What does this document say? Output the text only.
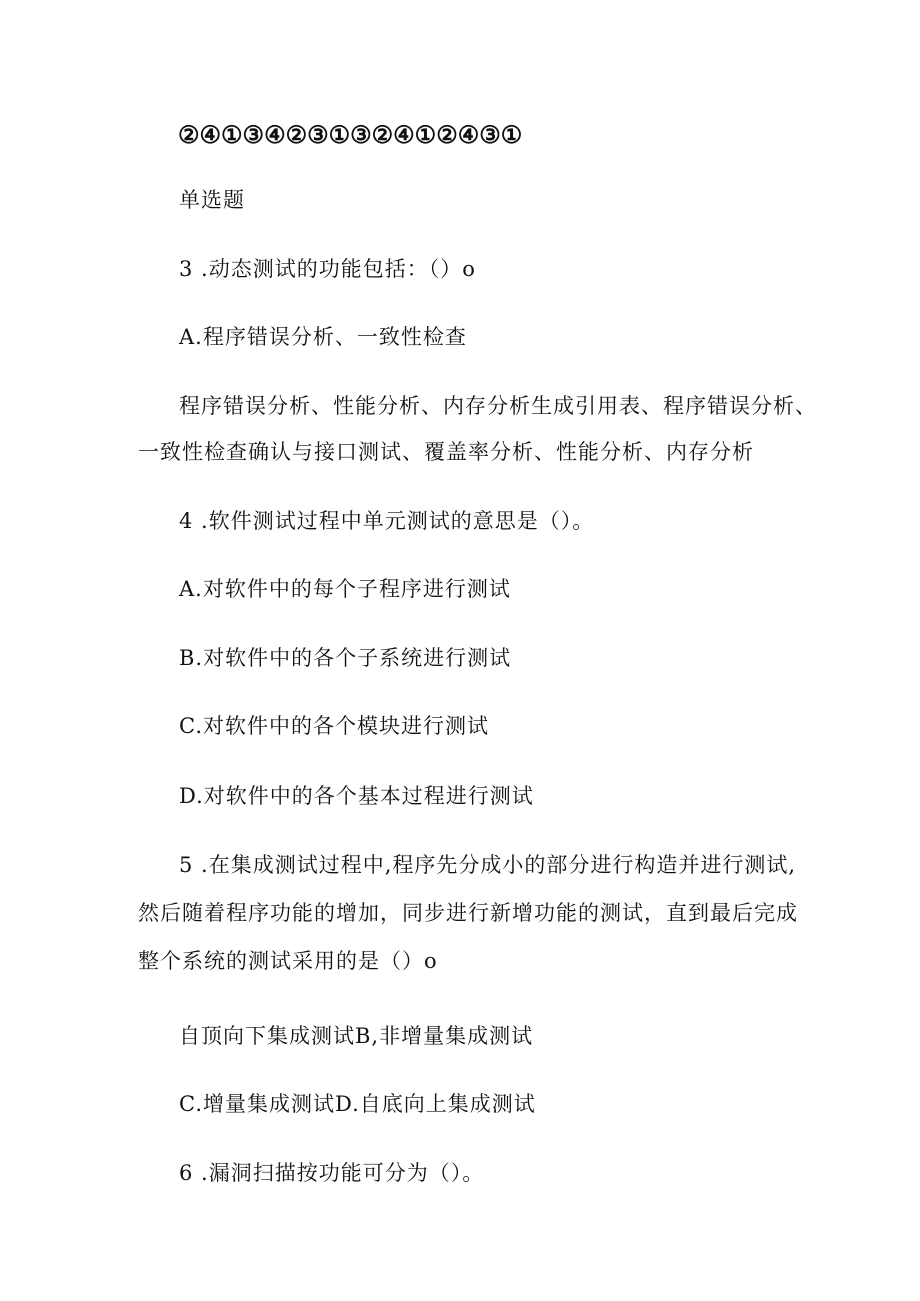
②④①③④②③①③②④①②④③①
单选题
3 .动态测试的功能包括：（）o
A.程序错误分析、一致性检查
程序错误分析、性能分析、内存分析生成引用表、程序错误分析、
一致性检查确认与接口测试、覆盖率分析、性能分析、内存分析
4 .软件测试过程中单元测试的意思是（）。
A.对软件中的每个子程序进行测试
B.对软件中的各个子系统进行测试
C.对软件中的各个模块进行测试
D.对软件中的各个基本过程进行测试
5 .在集成测试过程中,程序先分成小的部分进行构造并进行测试,
然后随着程序功能的增加，同步进行新增功能的测试，直到最后完成
整个系统的测试采用的是（）o
自顶向下集成测试B,非增量集成测试
C.增量集成测试D.自底向上集成测试
6 .漏洞扫描按功能可分为（）。
